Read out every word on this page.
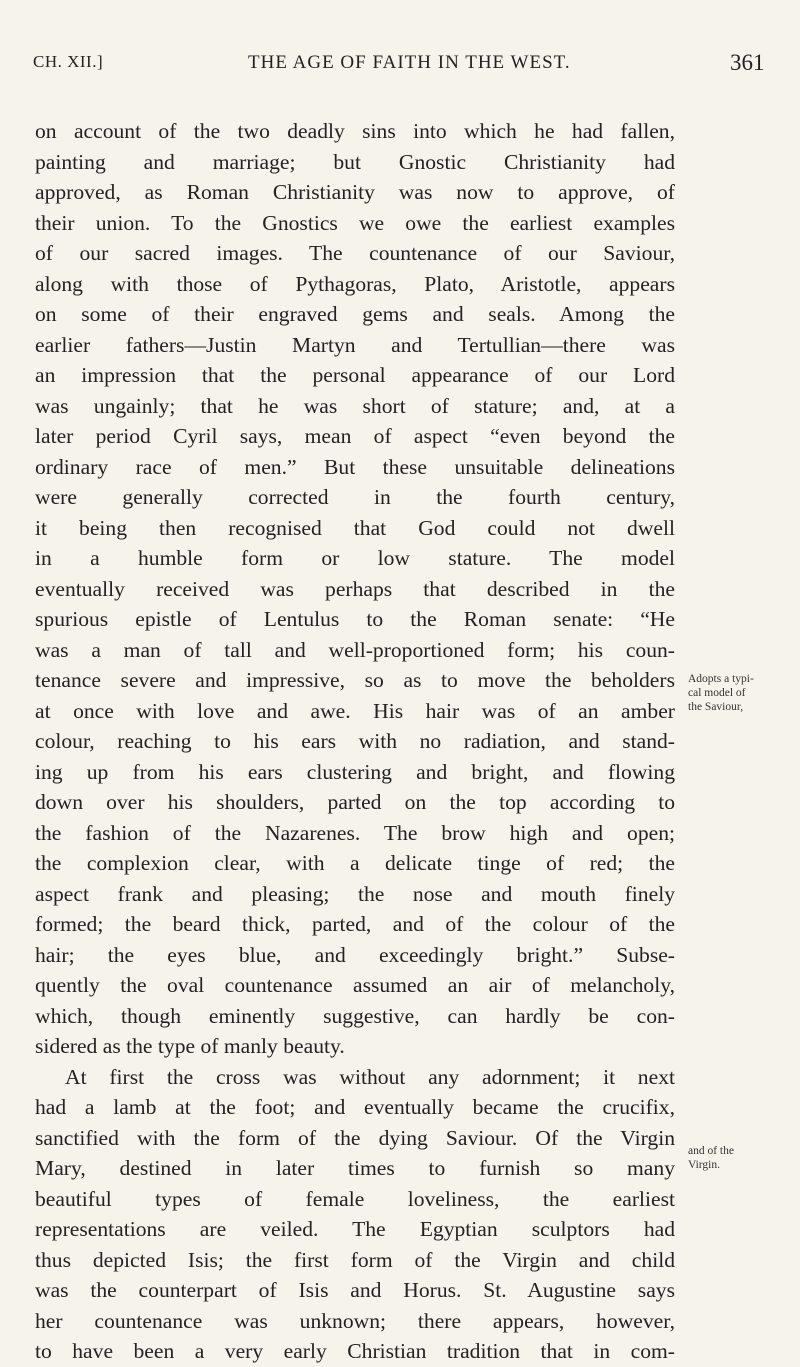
CH. XII.]	THE AGE OF FAITH IN THE WEST.	361
on account of the two deadly sins into which he had fallen,
painting and marriage; but Gnostic Christianity had
approved, as Roman Christianity was now to approve, of
their union. To the Gnostics we owe the earliest examples
of our sacred images. The countenance of our Saviour,
along with those of Pythagoras, Plato, Aristotle, appears
on some of their engraved gems and seals. Among the
earlier fathers—Justin Martyn and Tertullian—there was
an impression that the personal appearance of our Lord
was ungainly; that he was short of stature; and, at a
later period Cyril says, mean of aspect “even beyond the
ordinary race of men.” But these unsuitable delineations
were generally corrected in the fourth century,
it being then recognised that God could not dwell
in a humble form or low stature. The model
eventually received was perhaps that described in the
spurious epistle of Lentulus to the Roman senate: “He
was a man of tall and well-proportioned form; his coun-
tenance severe and impressive, so as to move the beholders
at once with love and awe. His hair was of an amber
colour, reaching to his ears with no radiation, and stand-
ing up from his ears clustering and bright, and flowing
down over his shoulders, parted on the top according to
the fashion of the Nazarenes. The brow high and open;
the complexion clear, with a delicate tinge of red; the
aspect frank and pleasing; the nose and mouth finely
formed; the beard thick, parted, and of the colour of the
hair; the eyes blue, and exceedingly bright.” Subse-
quently the oval countenance assumed an air of melancholy,
which, though eminently suggestive, can hardly be con-
sidered as the type of manly beauty.
At first the cross was without any adornment; it next
had a lamb at the foot; and eventually became the crucifix,
sanctified with the form of the dying Saviour. Of the Virgin
Mary, destined in later times to furnish so many
beautiful types of female loveliness, the earliest
representations are veiled. The Egyptian sculptors had
thus depicted Isis; the first form of the Virgin and child
was the counterpart of Isis and Horus. St. Augustine says
her countenance was unknown; there appears, however,
to have been a very early Christian tradition that in com-
Adopts a typi-
cal model of
the Saviour,
and of the
Virgin.
